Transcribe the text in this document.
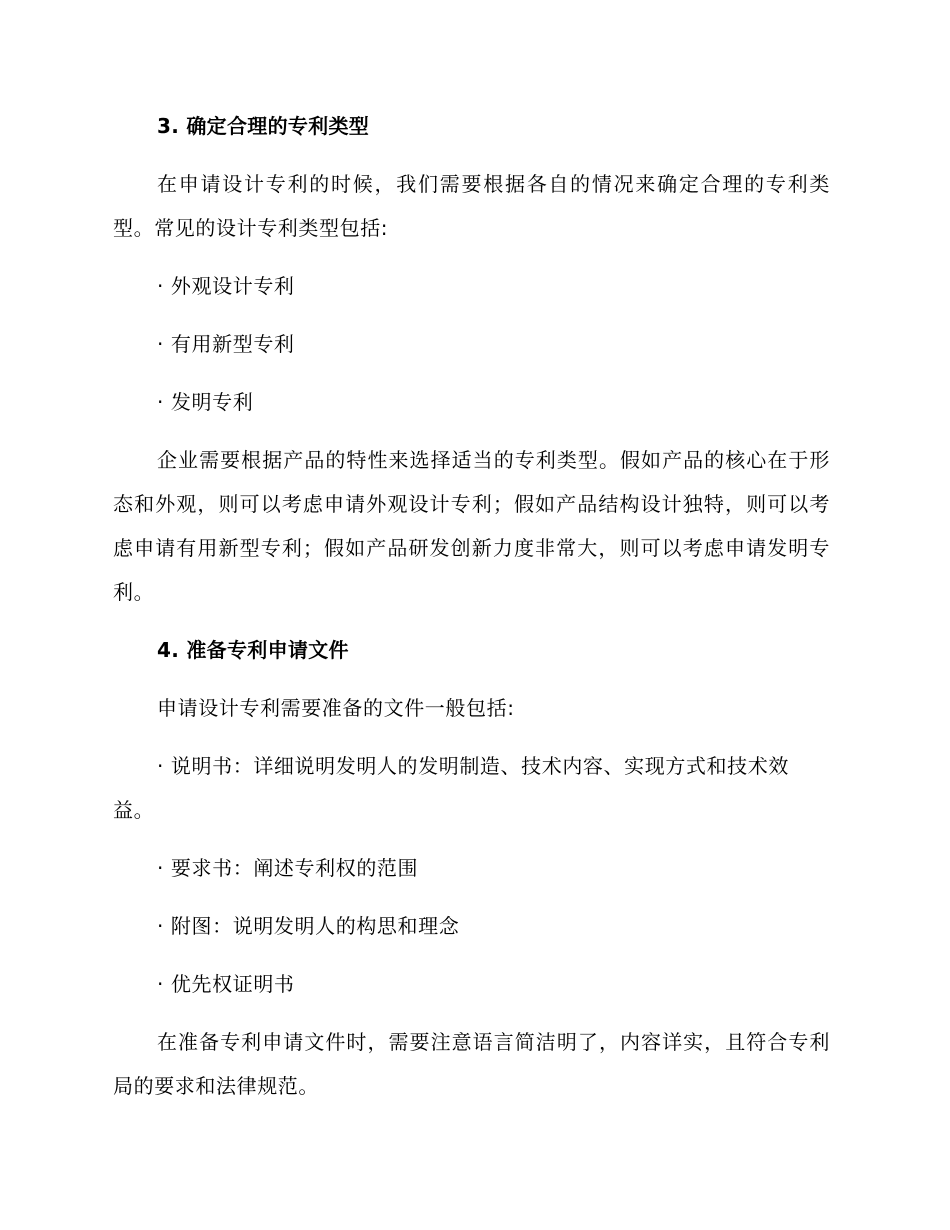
3. 确定合理的专利类型
在申请设计专利的时候，我们需要根据各自的情况来确定合理的专利类型。常见的设计专利类型包括:
· 外观设计专利
· 有用新型专利
· 发明专利
企业需要根据产品的特性来选择适当的专利类型。假如产品的核心在于形态和外观，则可以考虑申请外观设计专利；假如产品结构设计独特，则可以考虑申请有用新型专利；假如产品研发创新力度非常大，则可以考虑申请发明专利。
4. 准备专利申请文件
申请设计专利需要准备的文件一般包括:
· 说明书：详细说明发明人的发明制造、技术内容、实现方式和技术效益。
· 要求书：阐述专利权的范围
· 附图：说明发明人的构思和理念
· 优先权证明书
在准备专利申请文件时，需要注意语言简洁明了，内容详实，且符合专利局的要求和法律规范。
